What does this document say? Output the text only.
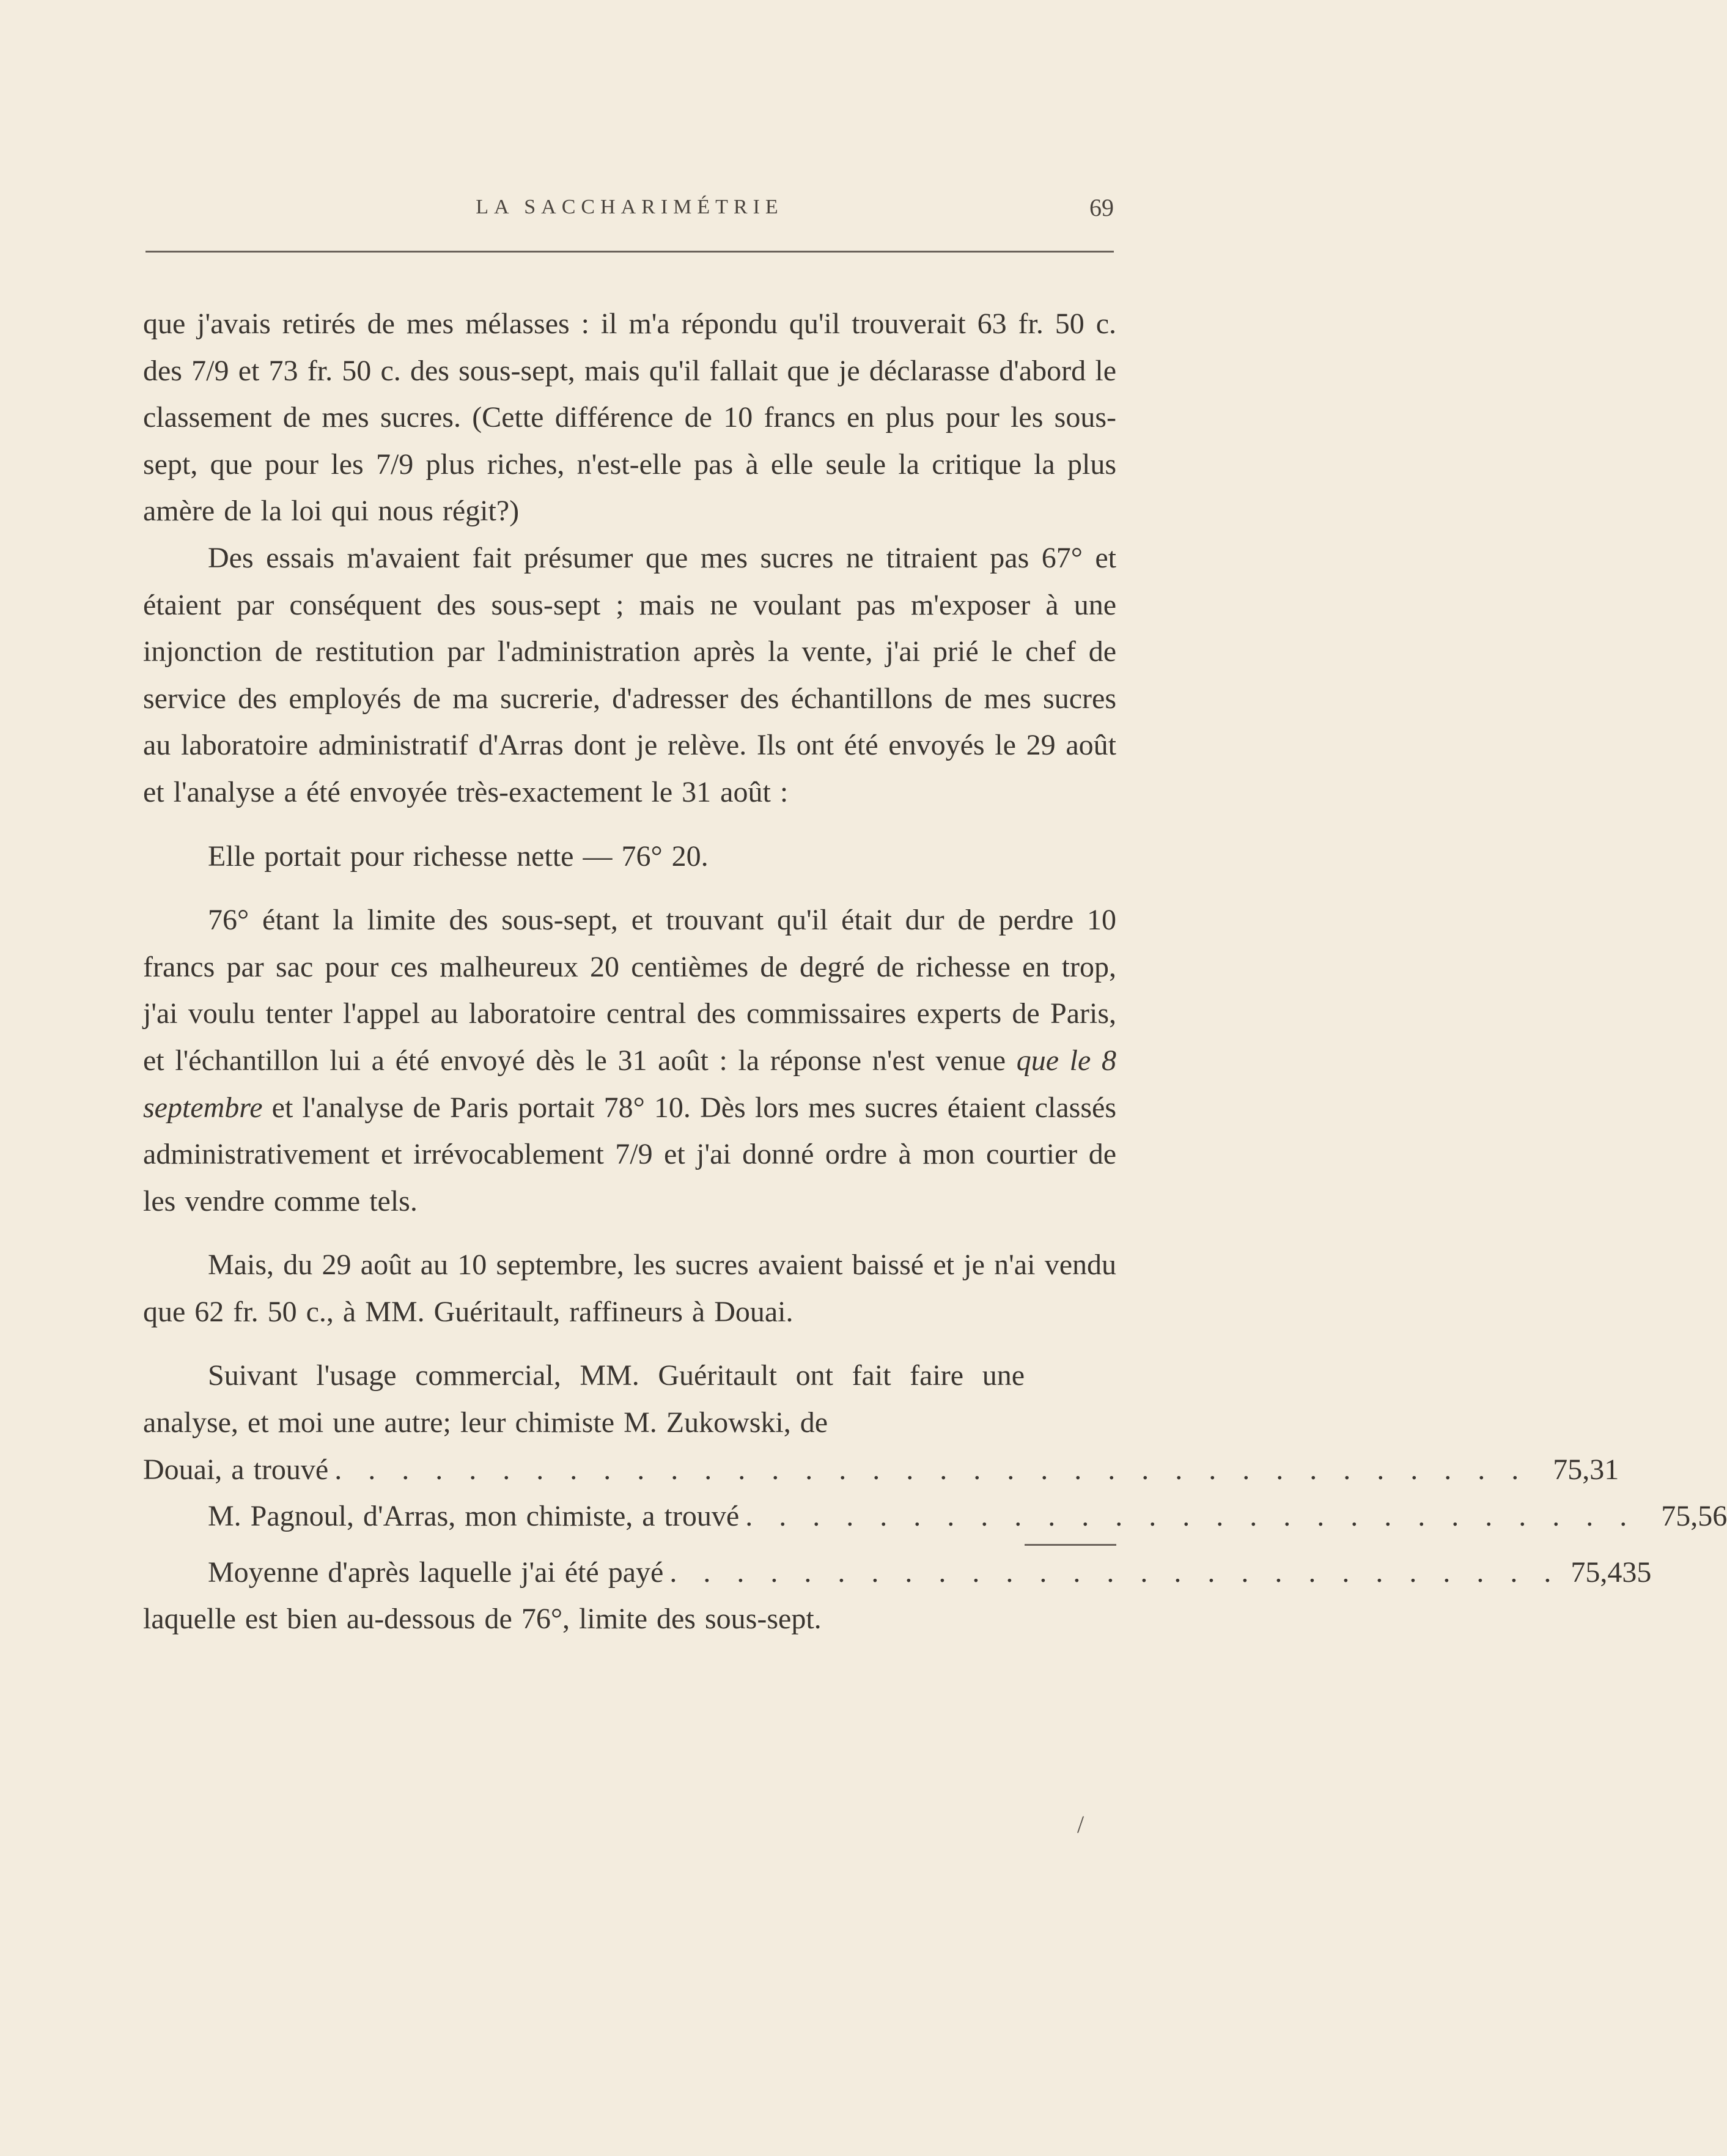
LA SACCHARIMÉTRIE	69

que j'avais retirés de mes mélasses : il m'a répondu qu'il trouverait 63 fr. 50 c. des 7/9 et 73 fr. 50 c. des sous-sept, mais qu'il fallait que je déclarasse d'abord le classement de mes sucres. (Cette différence de 10 francs en plus pour les sous-sept, que pour les 7/9 plus riches, n'est-elle pas à elle seule la critique la plus amère de la loi qui nous régit?)

Des essais m'avaient fait présumer que mes sucres ne titraient pas 67° et étaient par conséquent des sous-sept ; mais ne voulant pas m'exposer à une injonction de restitution par l'administration après la vente, j'ai prié le chef de service des employés de ma sucrerie, d'adresser des échantillons de mes sucres au laboratoire administratif d'Arras dont je relève. Ils ont été envoyés le 29 août et l'analyse a été envoyée très-exactement le 31 août :

Elle portait pour richesse nette — 76° 20.

76° étant la limite des sous-sept, et trouvant qu'il était dur de perdre 10 francs par sac pour ces malheureux 20 centièmes de degré de richesse en trop, j'ai voulu tenter l'appel au laboratoire central des commissaires experts de Paris, et l'échantillon lui a été envoyé dès le 31 août : la réponse n'est venue que le 8 septembre et l'analyse de Paris portait 78° 10. Dès lors mes sucres étaient classés administrativement et irrévocablement 7/9 et j'ai donné ordre à mon courtier de les vendre comme tels.

Mais, du 29 août au 10 septembre, les sucres avaient baissé et je n'ai vendu que 62 fr. 50 c., à MM. Guéritault, raffineurs à Douai.

Suivant l'usage commercial, MM. Guéritault ont fait faire une analyse, et moi une autre; leur chimiste M. Zukowski, de

Douai, a trouvé . . . . . . . . . . . . . . . . . . . . . . . . . . . . . . . . . . . . 75,31
M. Pagnoul, d'Arras, mon chimiste, a trouvé . . . . . . . . . . . . . . . . . . . . . . . . . . . 75,56
Moyenne d'après laquelle j'ai été payé . . . . . . . . . . . . . . . . . . . . . . . . . . . 75,435

laquelle est bien au-dessous de 76°, limite des sous-sept.

/
